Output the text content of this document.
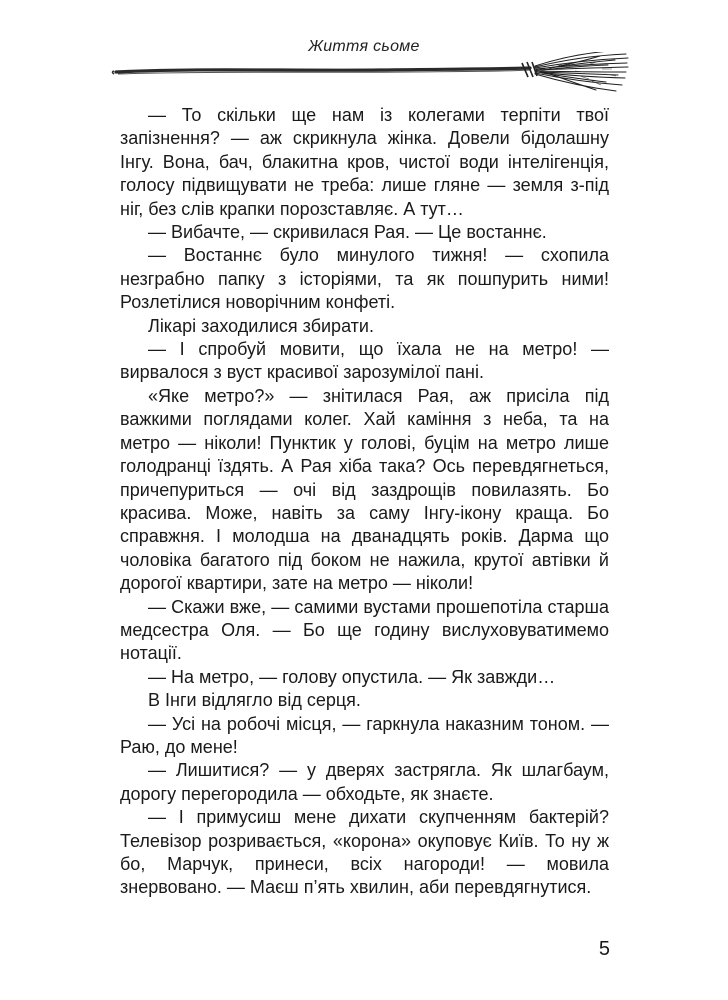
Життя сьоме

— То скільки ще нам із колегами терпіти твої запізнення? — аж скрикнула жінка. Довели бідолашну Інгу. Вона, бач, блакитна кров, чистої води інтелігенція, голосу підвищувати не треба: лише гляне — земля з-під ніг, без слів крапки порозставляє. А тут…

— Вибачте, — скривилася Рая. — Це востаннє.

— Востаннє було минулого тижня! — схопила незграбно папку з історіями, та як пошпурить ними! Розлетілися новорічним конфеті.

Лікарі заходилися збирати.

— І спробуй мовити, що їхала не на метро! — вирвалося з вуст красивої зарозумілої пані.

«Яке метро?» — знітилася Рая, аж присіла під важкими поглядами колег. Хай каміння з неба, та на метро — ніколи! Пунктик у голові, буцім на метро лише голодранці їздять. А Рая хіба така? Ось перевдягнеться, причепуриться — очі від заздрощів повилазять. Бо красива. Може, навіть за саму Інгу-ікону краща. Бо справжня. І молодша на дванадцять років. Дарма що чоловіка багатого під боком не нажила, крутої автівки й дорогої квартири, зате на метро — ніколи!

— Скажи вже, — самими вустами прошепотіла старша медсестра Оля. — Бо ще годину вислуховуватимемо нотації.

— На метро, — голову опустила. — Як завжди…

В Інги відлягло від серця.

— Усі на робочі місця, — гаркнула наказним тоном. — Раю, до мене!

— Лишитися? — у дверях застрягла. Як шлагбаум, дорогу перегородила — обходьте, як знаєте.

— І примусиш мене дихати скупченням бактерій? Телевізор розривається, «корона» окуповує Київ. То ну ж бо, Марчук, принеси, всіх нагороди! — мовила знервовано. — Маєш п’ять хвилин, аби перевдягнутися.

5
